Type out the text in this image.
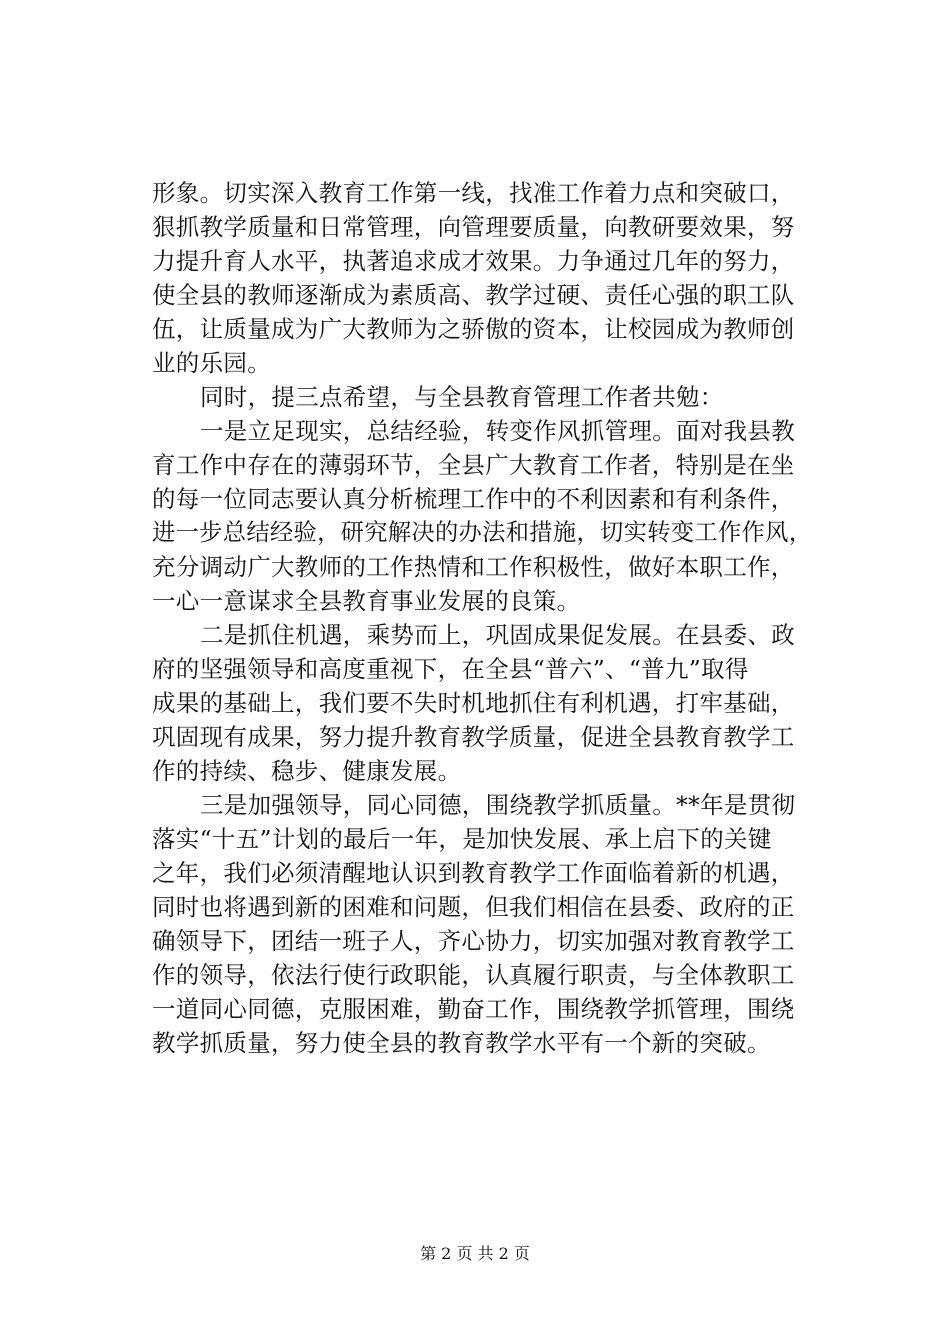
形象。切实深入教育工作第一线，找准工作着力点和突破口，
狠抓教学质量和日常管理，向管理要质量，向教研要效果，努
力提升育人水平，执著追求成才效果。力争通过几年的努力，
使全县的教师逐渐成为素质高、教学过硬、责任心强的职工队
伍，让质量成为广大教师为之骄傲的资本，让校园成为教师创
业的乐园。
同时，提三点希望，与全县教育管理工作者共勉：
一是立足现实，总结经验，转变作风抓管理。面对我县教
育工作中存在的薄弱环节，全县广大教育工作者，特别是在坐
的每一位同志要认真分析梳理工作中的不利因素和有利条件，
进一步总结经验，研究解决的办法和措施，切实转变工作作风，
充分调动广大教师的工作热情和工作积极性，做好本职工作，
一心一意谋求全县教育事业发展的良策。
二是抓住机遇，乘势而上，巩固成果促发展。在县委、政
府的坚强领导和高度重视下，在全县“普六”、“普九”取得
成果的基础上，我们要不失时机地抓住有利机遇，打牢基础，
巩固现有成果，努力提升教育教学质量，促进全县教育教学工
作的持续、稳步、健康发展。
三是加强领导，同心同德，围绕教学抓质量。**年是贯彻
落实“十五”计划的最后一年，是加快发展、承上启下的关键
之年，我们必须清醒地认识到教育教学工作面临着新的机遇，
同时也将遇到新的困难和问题，但我们相信在县委、政府的正
确领导下，团结一班子人，齐心协力，切实加强对教育教学工
作的领导，依法行使行政职能，认真履行职责，与全体教职工
一道同心同德，克服困难，勤奋工作，围绕教学抓管理，围绕
教学抓质量，努力使全县的教育教学水平有一个新的突破。
第 2 页 共 2 页
